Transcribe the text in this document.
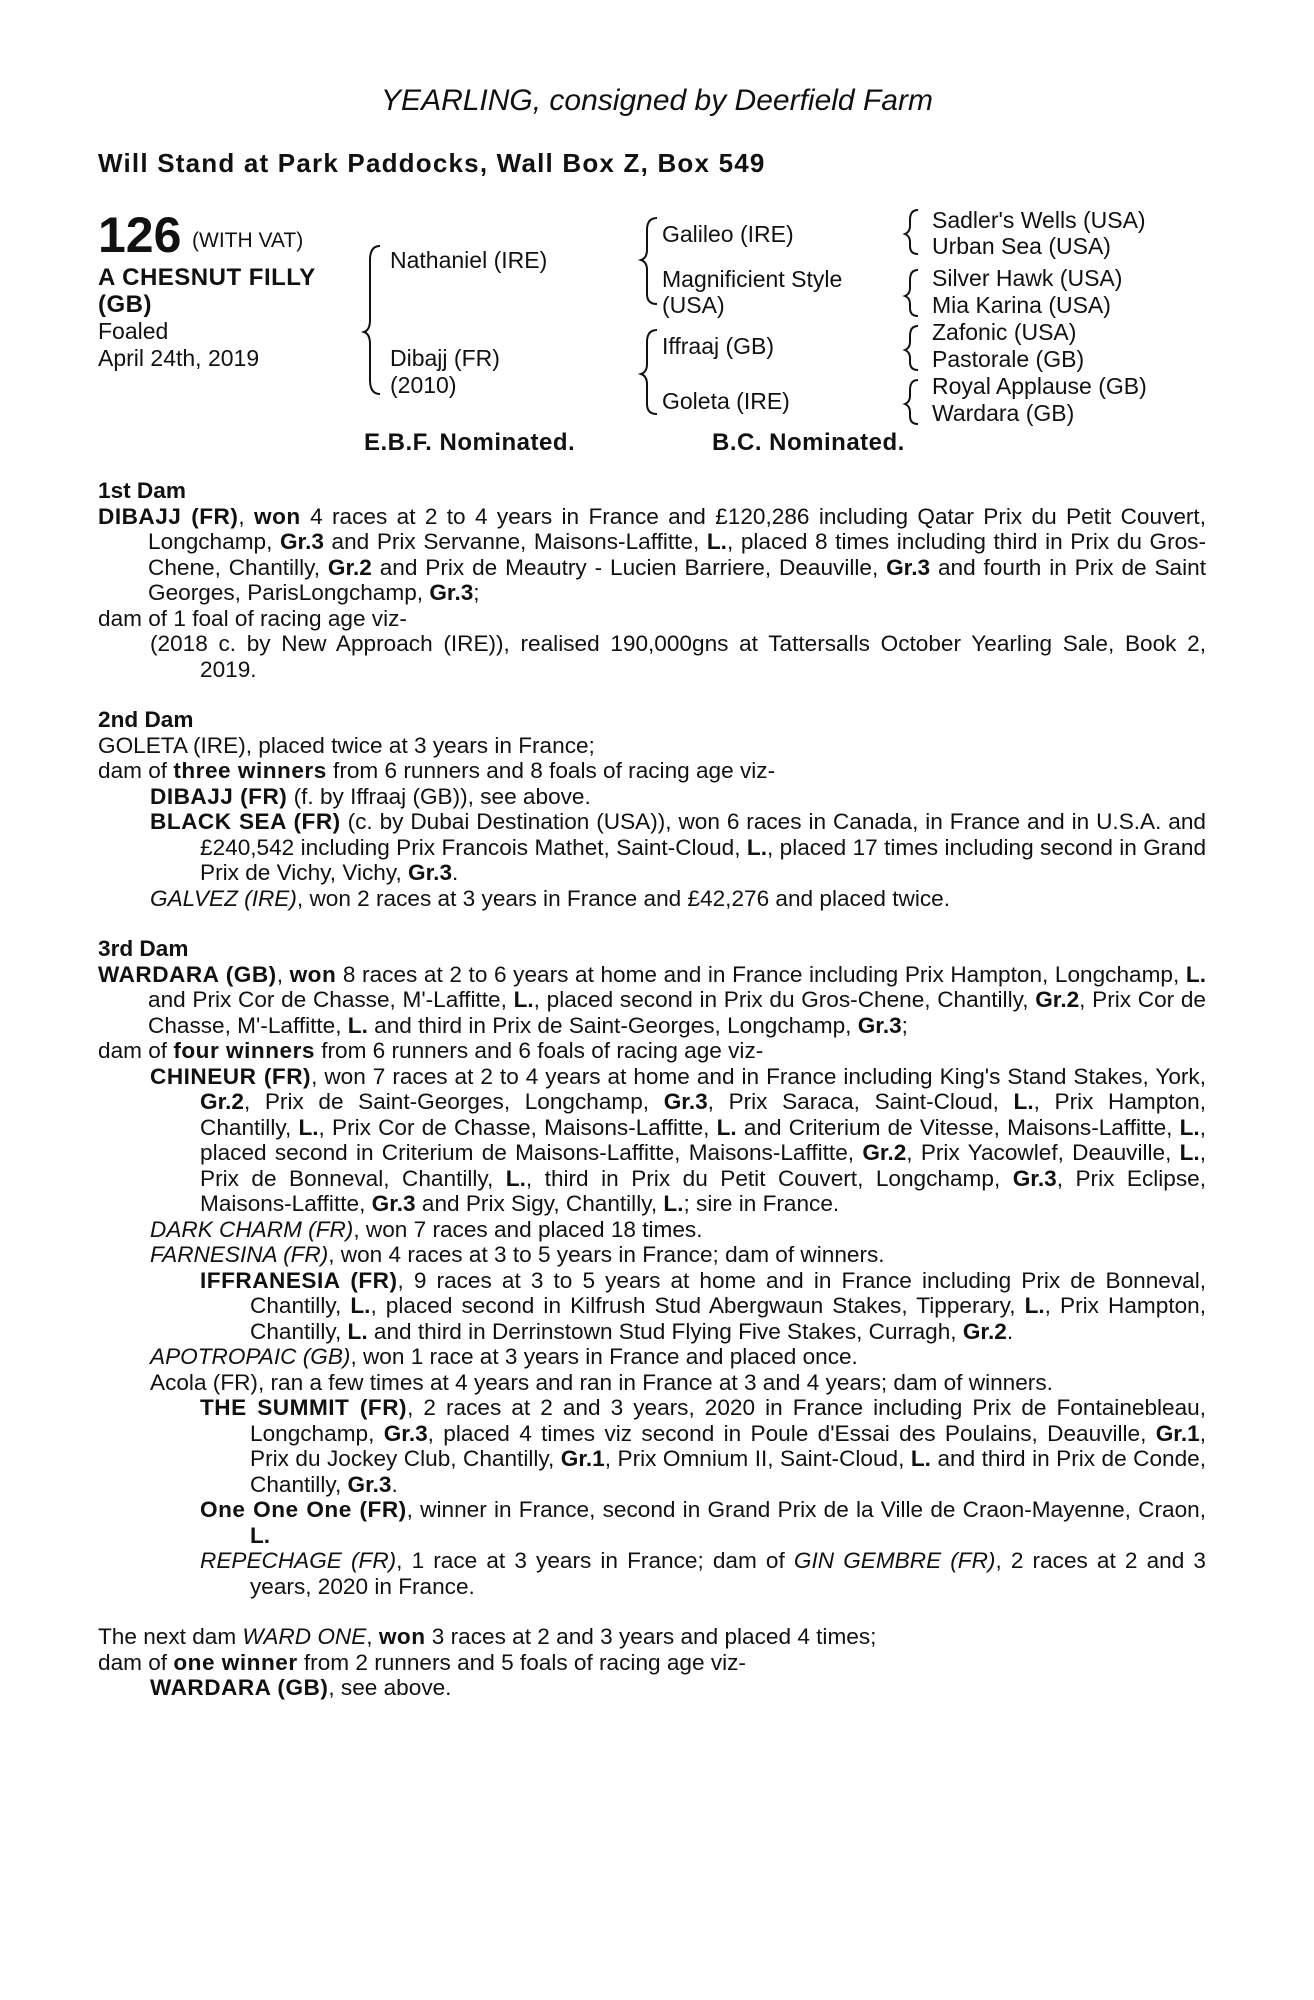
YEARLING, consigned by Deerfield Farm
Will Stand at Park Paddocks, Wall Box Z, Box 549
126 (WITH VAT)
A CHESNUT FILLY
(GB)
Foaled
April 24th, 2019
Nathaniel (IRE)
Dibajj (FR)
(2010)
Galileo (IRE)
Magnificient Style
(USA)
Iffraaj (GB)
Goleta (IRE)
Sadler's Wells (USA)
Urban Sea (USA)
Silver Hawk (USA)
Mia Karina (USA)
Zafonic (USA)
Pastorale (GB)
Royal Applause (GB)
Wardara (GB)
E.B.F. Nominated.	B.C. Nominated.

1st Dam

DIBAJJ (FR), won 4 races at 2 to 4 years in France and £120,286 including Qatar Prix du Petit Couvert, Longchamp, Gr.3 and Prix Servanne, Maisons-Laffitte, L., placed 8 times including third in Prix du Gros-Chene, Chantilly, Gr.2 and Prix de Meautry - Lucien Barriere, Deauville, Gr.3 and fourth in Prix de Saint Georges, ParisLongchamp, Gr.3;

dam of 1 foal of racing age viz-

(2018 c. by New Approach (IRE)), realised 190,000gns at Tattersalls October Yearling Sale, Book 2, 2019.

2nd Dam

GOLETA (IRE), placed twice at 3 years in France;

dam of three winners from 6 runners and 8 foals of racing age viz-

DIBAJJ (FR) (f. by Iffraaj (GB)), see above.

BLACK SEA (FR) (c. by Dubai Destination (USA)), won 6 races in Canada, in France and in U.S.A. and £240,542 including Prix Francois Mathet, Saint-Cloud, L., placed 17 times including second in Grand Prix de Vichy, Vichy, Gr.3.

GALVEZ (IRE), won 2 races at 3 years in France and £42,276 and placed twice.

3rd Dam

WARDARA (GB), won 8 races at 2 to 6 years at home and in France including Prix Hampton, Longchamp, L. and Prix Cor de Chasse, M'-Laffitte, L., placed second in Prix du Gros-Chene, Chantilly, Gr.2, Prix Cor de Chasse, M'-Laffitte, L. and third in Prix de Saint-Georges, Longchamp, Gr.3;

dam of four winners from 6 runners and 6 foals of racing age viz-

CHINEUR (FR), won 7 races at 2 to 4 years at home and in France including King's Stand Stakes, York, Gr.2, Prix de Saint-Georges, Longchamp, Gr.3, Prix Saraca, Saint-Cloud, L., Prix Hampton, Chantilly, L., Prix Cor de Chasse, Maisons-Laffitte, L. and Criterium de Vitesse, Maisons-Laffitte, L., placed second in Criterium de Maisons-Laffitte, Maisons-Laffitte, Gr.2, Prix Yacowlef, Deauville, L., Prix de Bonneval, Chantilly, L., third in Prix du Petit Couvert, Longchamp, Gr.3, Prix Eclipse, Maisons-Laffitte, Gr.3 and Prix Sigy, Chantilly, L.; sire in France.

DARK CHARM (FR), won 7 races and placed 18 times.

FARNESINA (FR), won 4 races at 3 to 5 years in France; dam of winners.

IFFRANESIA (FR), 9 races at 3 to 5 years at home and in France including Prix de Bonneval, Chantilly, L., placed second in Kilfrush Stud Abergwaun Stakes, Tipperary, L., Prix Hampton, Chantilly, L. and third in Derrinstown Stud Flying Five Stakes, Curragh, Gr.2.

APOTROPAIC (GB), won 1 race at 3 years in France and placed once.

Acola (FR), ran a few times at 4 years and ran in France at 3 and 4 years; dam of winners.

THE SUMMIT (FR), 2 races at 2 and 3 years, 2020 in France including Prix de Fontainebleau, Longchamp, Gr.3, placed 4 times viz second in Poule d'Essai des Poulains, Deauville, Gr.1, Prix du Jockey Club, Chantilly, Gr.1, Prix Omnium II, Saint-Cloud, L. and third in Prix de Conde, Chantilly, Gr.3.

One One One (FR), winner in France, second in Grand Prix de la Ville de Craon-Mayenne, Craon, L.

REPECHAGE (FR), 1 race at 3 years in France; dam of GIN GEMBRE (FR), 2 races at 2 and 3 years, 2020 in France.

The next dam WARD ONE, won 3 races at 2 and 3 years and placed 4 times;

dam of one winner from 2 runners and 5 foals of racing age viz-

WARDARA (GB), see above.
